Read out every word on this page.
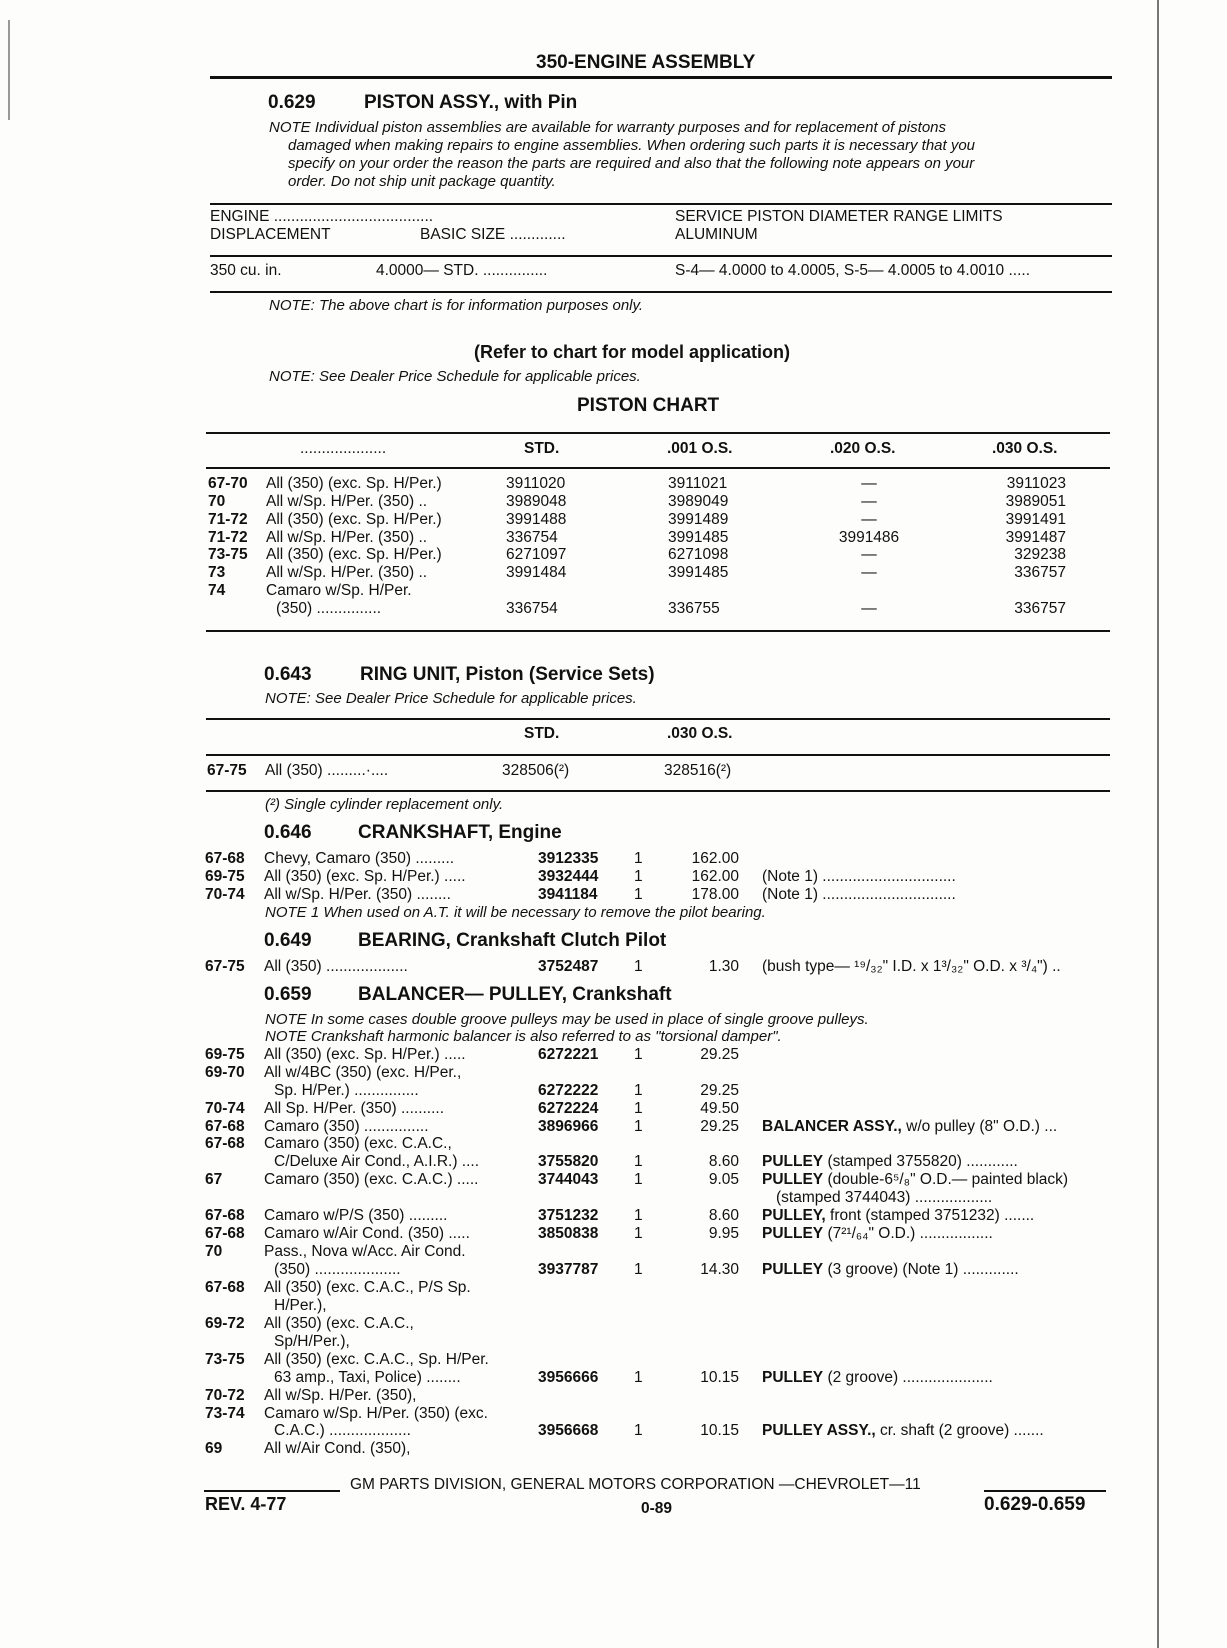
350-ENGINE ASSEMBLY
0.629	PISTON ASSY., with Pin
NOTE Individual piston assemblies are available for warranty purposes and for replacement of pistons
damaged when making repairs to engine assemblies. When ordering such parts it is necessary that you
specify on your order the reason the parts are required and also that the following note appears on your
order. Do not ship unit package quantity.
ENGINE .....................................
DISPLACEMENT	BASIC SIZE .............
SERVICE PISTON DIAMETER RANGE LIMITS
ALUMINUM
350 cu. in.	4.0000— STD. ...............	S-4— 4.0000 to 4.0005, S-5— 4.0005 to 4.0010 .....
NOTE: The above chart is for information purposes only.
(Refer to chart for model application)
NOTE: See Dealer Price Schedule for applicable prices.
PISTON CHART
....................	STD.	.001 O.S.	.020 O.S.	.030 O.S.
67-70 All (350) (exc. Sp. H/Per.)	3911020	3911021	—	3911023
70	All w/Sp. H/Per. (350) ..	3989048	3989049	—	3989051
71-72 All (350) (exc. Sp. H/Per.)	3991488	3991489	—	3991491
71-72 All w/Sp. H/Per. (350) ..	336754	3991485	3991486	3991487
73-75 All (350) (exc. Sp. H/Per.)	6271097	6271098	—	329238
73	All w/Sp. H/Per. (350) ..	3991484	3991485	—	336757
74	Camaro w/Sp. H/Per.
(350) ...............	336754	336755	—	336757
0.643	RING UNIT, Piston (Service Sets)
NOTE: See Dealer Price Schedule for applicable prices.
STD.	.030 O.S.
67-75 All (350) .........·....	328506(²)	328516(²)
(²) Single cylinder replacement only.
0.646 CRANKSHAFT, Engine
67-68 Chevy, Camaro (350) .........	3912335 1	162.00
69-75 All (350) (exc. Sp. H/Per.) .....	3932444 1	162.00 (Note 1) ...............................
70-74 All w/Sp. H/Per. (350) ........	3941184 1	178.00 (Note 1) ...............................
NOTE 1 When used on A.T. it will be necessary to remove the pilot bearing.
0.649 BEARING, Crankshaft Clutch Pilot
67-75 All (350) ...................	3752487 1	1.30 (bush type— ¹⁹/₃₂" I.D. x 1³/₃₂" O.D. x ³/₄") ..
0.659 BALANCER— PULLEY, Crankshaft
NOTE In some cases double groove pulleys may be used in place of single groove pulleys.
NOTE Crankshaft harmonic balancer is also referred to as "torsional damper".
69-75 All (350) (exc. Sp. H/Per.) .....	6272221 1	29.25
69-70 All w/4BC (350) (exc. H/Per.,
Sp. H/Per.) ...............	6272222 1	29.25
70-74 All Sp. H/Per. (350) ..........	6272224 1	49.50
67-68 Camaro (350) ...............	3896966 1	29.25 BALANCER ASSY., w/o pulley (8" O.D.) ...
67-68 Camaro (350) (exc. C.A.C.,
C/Deluxe Air Cond., A.I.R.) ....	3755820 1	8.60 PULLEY (stamped 3755820) ............
67	Camaro (350) (exc. C.A.C.) .....	3744043 1	9.05 PULLEY (double-6⁵/₈" O.D.— painted black)
(stamped 3744043) ..................
67-68 Camaro w/P/S (350) .........	3751232 1	8.60 PULLEY, front (stamped 3751232) .......
67-68 Camaro w/Air Cond. (350) .....	3850838 1	9.95 PULLEY (7²¹/₆₄" O.D.) .................
70	Pass., Nova w/Acc. Air Cond.
(350) ....................	3937787 1	14.30 PULLEY (3 groove) (Note 1) .............
67-68 All (350) (exc. C.A.C., P/S Sp.
H/Per.),
69-72 All (350) (exc. C.A.C.,
Sp/H/Per.),
73-75 All (350) (exc. C.A.C., Sp. H/Per.
63 amp., Taxi, Police) ........	3956666 1	10.15 PULLEY (2 groove) .....................
70-72 All w/Sp. H/Per. (350),
73-74 Camaro w/Sp. H/Per. (350) (exc.
C.A.C.) ...................	3956668 1	10.15 PULLEY ASSY., cr. shaft (2 groove) .......
69	All w/Air Cond. (350),
GM PARTS DIVISION, GENERAL MOTORS CORPORATION —CHEVROLET—11
REV. 4-77	0-89	0.629-0.659
